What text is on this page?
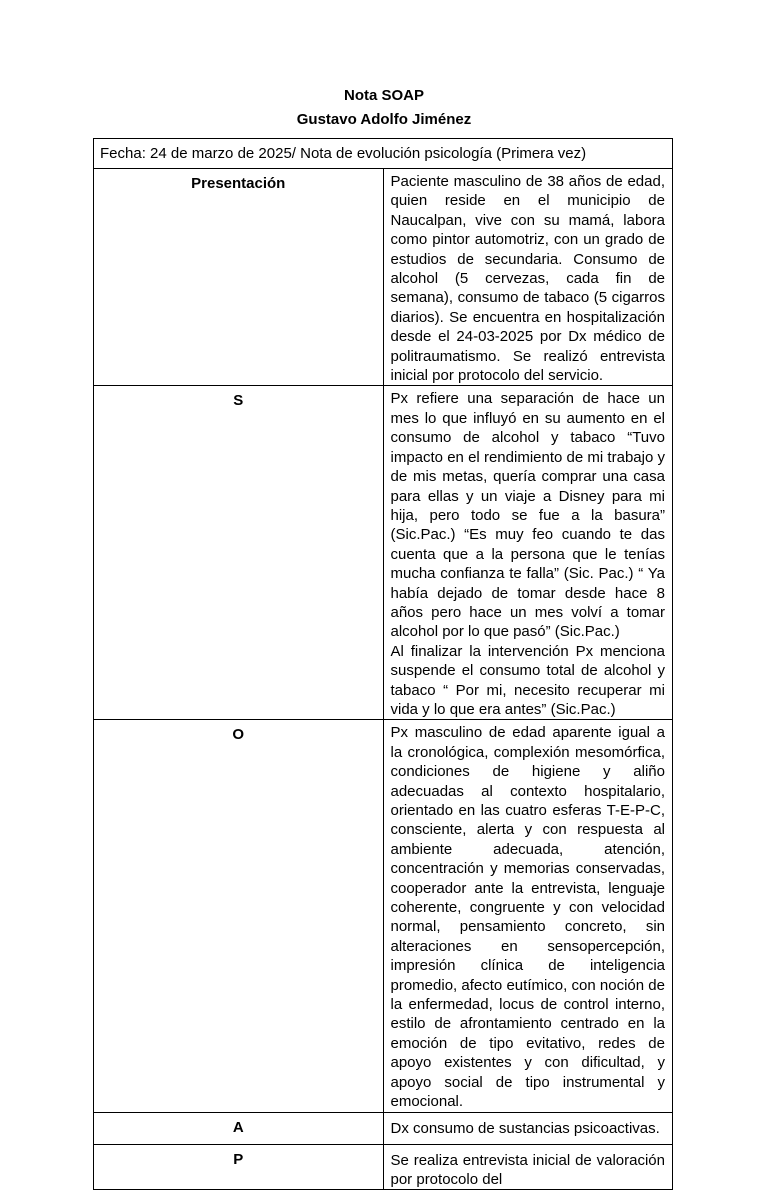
Nota SOAP
Gustavo Adolfo Jiménez
Fecha: 24 de marzo de 2025/ Nota de evolución psicología (Primera vez)	
Presentación	Paciente masculino de 38 años de edad, quien reside en el municipio de Naucalpan, vive con su mamá, labora como pintor automotriz, con un grado de estudios de secundaria. Consumo de alcohol (5 cervezas, cada fin de semana), consumo de tabaco (5 cigarros diarios). Se encuentra en hospitalización desde el 24-03-2025 por Dx médico de politraumatismo. Se realizó entrevista inicial por protocolo del servicio.

S	Px refiere una separación de hace un mes lo que influyó en su aumento en el consumo de alcohol y tabaco “Tuvo impacto en el rendimiento de mi trabajo y de mis metas, quería comprar una casa para ellas y un viaje a Disney para mi hija, pero todo se fue a la basura” (Sic.Pac.) “Es muy feo cuando te das cuenta que a la persona que le tenías mucha confianza te falla” (Sic. Pac.) “ Ya había dejado de tomar desde hace 8 años pero hace un mes volví a tomar alcohol por lo que pasó” (Sic.Pac.)
Al finalizar la intervención Px menciona suspende el consumo total de alcohol y tabaco “ Por mi, necesito recuperar mi vida y lo que era antes” (Sic.Pac.)

O	Px masculino de edad aparente igual a la cronológica, complexión mesomórfica, condiciones de higiene y aliño adecuadas al contexto hospitalario, orientado en las cuatro esferas T-E-P-C, consciente, alerta y con respuesta al ambiente adecuada, atención, concentración y memorias conservadas, cooperador ante la entrevista, lenguaje coherente, congruente y con velocidad normal, pensamiento concreto, sin alteraciones en sensopercepción, impresión clínica de inteligencia promedio, afecto eutímico, con noción de la enfermedad, locus de control interno, estilo de afrontamiento centrado en la emoción de tipo evitativo, redes de apoyo existentes y con dificultad, y apoyo social de tipo instrumental y emocional.

A	Dx consumo de sustancias psicoactivas.

P	Se realiza entrevista inicial de valoración por protocolo del
